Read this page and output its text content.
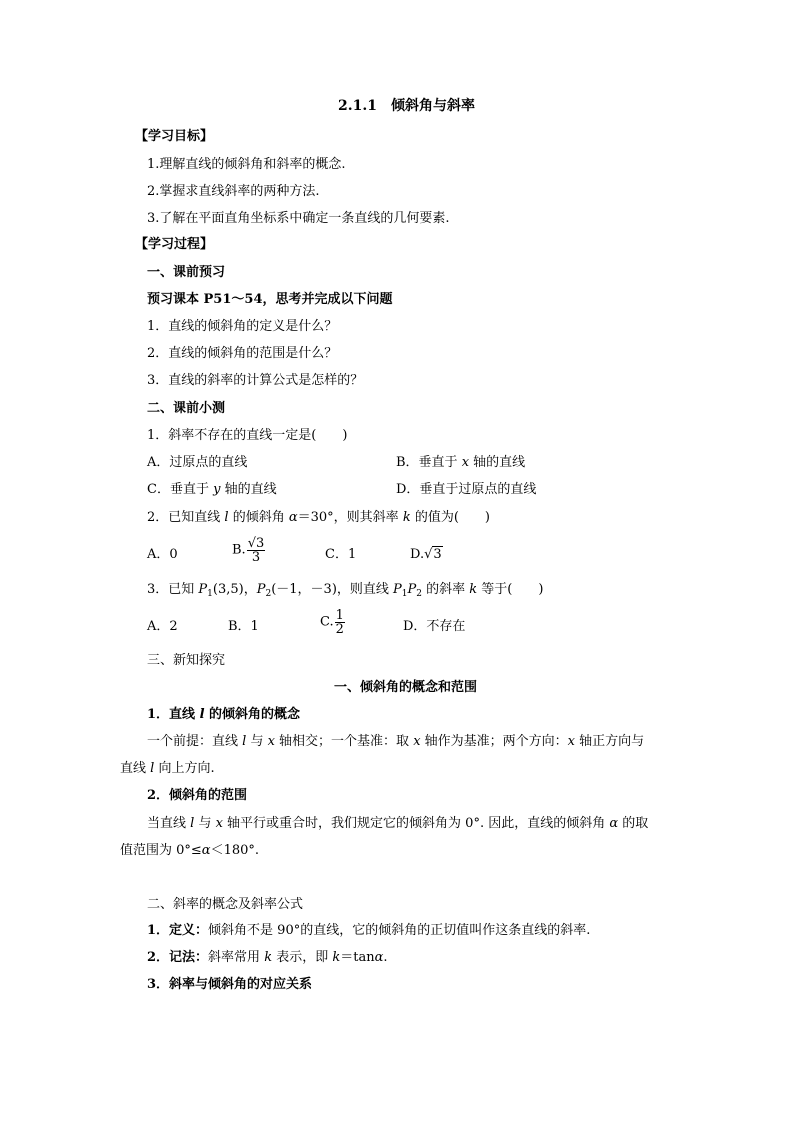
2.1.1　倾斜角与斜率
【学习目标】
1.理解直线的倾斜角和斜率的概念.
2.掌握求直线斜率的两种方法.
3.了解在平面直角坐标系中确定一条直线的几何要素.
【学习过程】
一、课前预习
预习课本 P51～54，思考并完成以下问题
1．直线的倾斜角的定义是什么？
2．直线的倾斜角的范围是什么？
3．直线的斜率的计算公式是怎样的？
二、课前小测
1．斜率不存在的直线一定是(　　)
A．过原点的直线	B．垂直于 x 轴的直线
C．垂直于 y 轴的直线	D．垂直于过原点的直线
2．已知直线 l 的倾斜角 α＝30°，则其斜率 k 的值为(　　)
A．0	B. $\frac{√3}{3}$	C．1	D.√3
3．已知 $P_1(3,5)$，$P_2(-1$，－3)，则直线 $P_1P_2$ 的斜率 k 等于(　　)
A．2	B．1	C. $\frac{1}{2}$	D．不存在
三、新知探究
一、倾斜角的概念和范围
1．直线 l 的倾斜角的概念
一个前提：直线 l 与 x 轴相交；一个基准：取 x 轴作为基准；两个方向：x 轴正方向与
直线 l 向上方向.
2．倾斜角的范围
当直线 l 与 x 轴平行或重合时，我们规定它的倾斜角为 0°. 因此，直线的倾斜角 α 的取
值范围为 0°≤α＜180°.
二、斜率的概念及斜率公式
1．定义：倾斜角不是 90°的直线，它的倾斜角的正切值叫作这条直线的斜率.
2．记法：斜率常用 k 表示，即 k＝tanα.
3．斜率与倾斜角的对应关系
